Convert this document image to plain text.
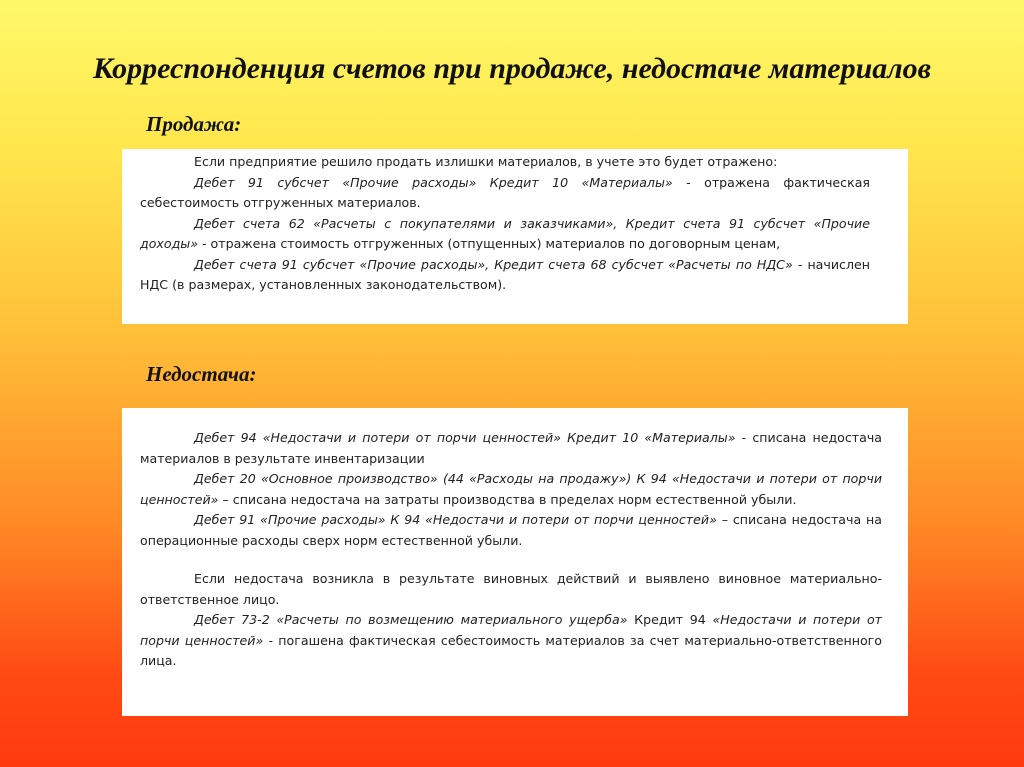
Корреспонденция счетов при продаже, недостаче материалов
Продажа:

Если предприятие решило продать излишки материалов, в учете это будет отражено:

Дебет 91 субсчет «Прочие расходы» Кредит 10 «Материалы» - отражена фактическая себестоимость отгруженных материалов.

Дебет счета 62 «Расчеты с покупателями и заказчиками», Кредит счета 91 субсчет «Прочие доходы» - отражена стоимость отгруженных (отпущенных) материалов по договорным ценам,

Дебет счета 91 субсчет «Прочие расходы», Кредит счета 68 субсчет «Расчеты по НДС» - начислен НДС (в размерах, установленных законодательством).

Недостача:

Дебет 94 «Недостачи и потери от порчи ценностей» Кредит 10 «Материалы» - списана недостача материалов в результате инвентаризации

Дебет 20 «Основное производство» (44 «Расходы на продажу») К 94 «Недостачи и потери от порчи ценностей» – списана недостача на затраты производства в пределах норм естественной убыли.

Дебет 91 «Прочие расходы» К 94 «Недостачи и потери от порчи ценностей» – списана недостача на операционные расходы сверх норм естественной убыли.

Если недостача возникла в результате виновных действий и выявлено виновное материально-ответственное лицо.

Дебет 73-2 «Расчеты по возмещению материального ущерба» Кредит 94 «Недостачи и потери от порчи ценностей» - погашена фактическая себестоимость материалов за счет материально-ответственного лица.
